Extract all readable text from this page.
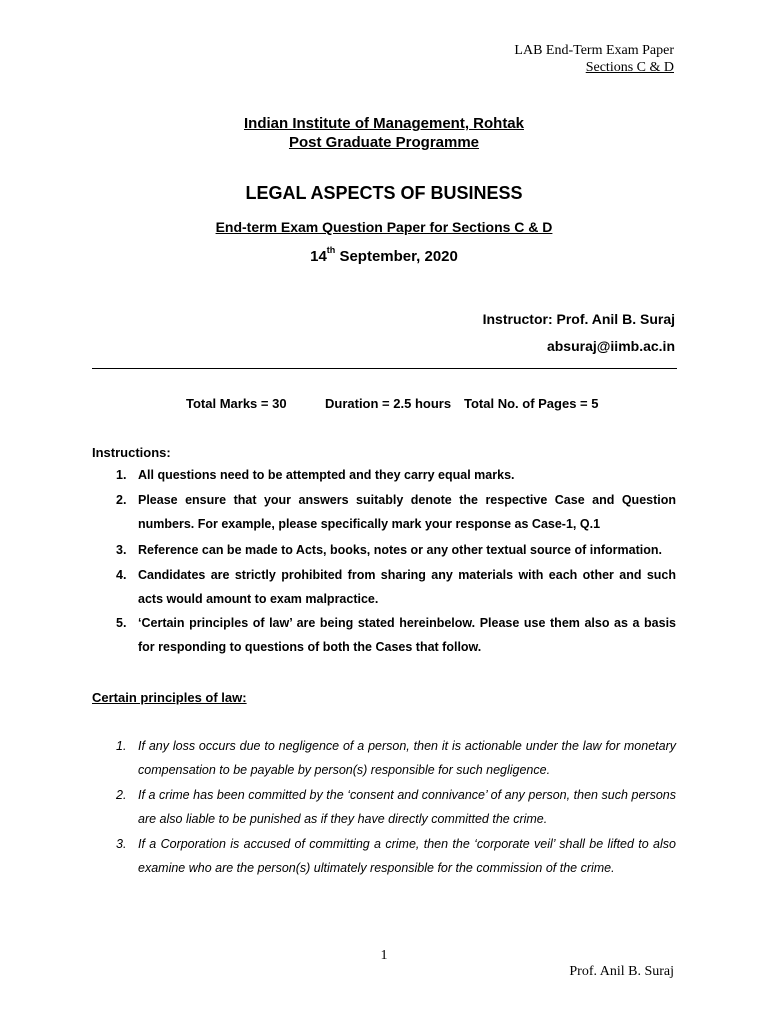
LAB End-Term Exam Paper
Sections C & D
Indian Institute of Management, Rohtak
Post Graduate Programme
LEGAL ASPECTS OF BUSINESS
End-term Exam Question Paper for Sections C & D
14th September, 2020
Instructor: Prof. Anil B. Suraj
absuraj@iimb.ac.in
Total Marks = 30	Duration = 2.5 hours Total No. of Pages = 5
Instructions:
1. All questions need to be attempted and they carry equal marks.
2. Please ensure that your answers suitably denote the respective Case and Question numbers. For example, please specifically mark your response as Case-1, Q.1
3. Reference can be made to Acts, books, notes or any other textual source of information.
4. Candidates are strictly prohibited from sharing any materials with each other and such acts would amount to exam malpractice.
5. ‘Certain principles of law’ are being stated hereinbelow. Please use them also as a basis for responding to questions of both the Cases that follow.
Certain principles of law:
1. If any loss occurs due to negligence of a person, then it is actionable under the law for monetary compensation to be payable by person(s) responsible for such negligence.
2. If a crime has been committed by the ‘consent and connivance’ of any person, then such persons are also liable to be punished as if they have directly committed the crime.
3. If a Corporation is accused of committing a crime, then the ‘corporate veil’ shall be lifted to also examine who are the person(s) ultimately responsible for the commission of the crime.
1
Prof. Anil B. Suraj
